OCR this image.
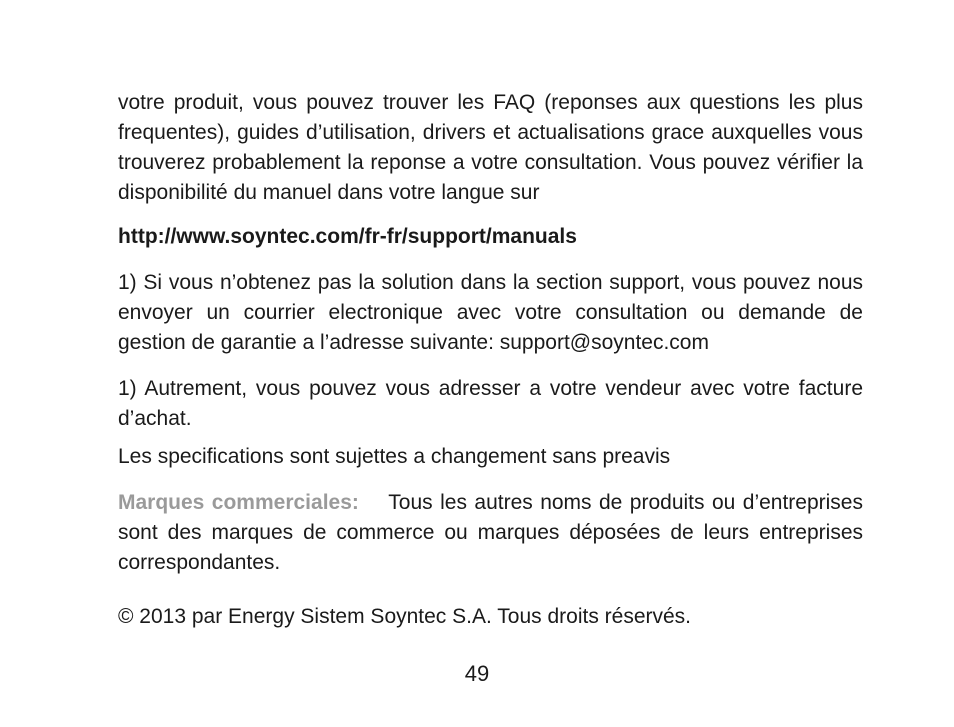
votre produit, vous pouvez trouver les FAQ (reponses aux questions les plus frequentes), guides d’utilisation, drivers et actualisations grace auxquelles vous trouverez probablement la reponse a votre consultation. Vous pouvez vérifier la disponibilité du manuel dans votre langue sur

http://www.soyntec.com/fr-fr/support/manuals

1) Si vous n’obtenez pas la solution dans la section support, vous pouvez nous envoyer un courrier electronique avec votre consultation ou demande de gestion de garantie a l’adresse suivante: support@soyntec.com

1) Autrement, vous pouvez vous adresser a votre vendeur avec votre facture d’achat.

Les specifications sont sujettes a changement sans preavis

Marques commerciales: Tous les autres noms de produits ou d’entreprises sont des marques de commerce ou marques déposées de leurs entreprises correspondantes.

© 2013 par Energy Sistem Soyntec S.A. Tous droits réservés.

49
